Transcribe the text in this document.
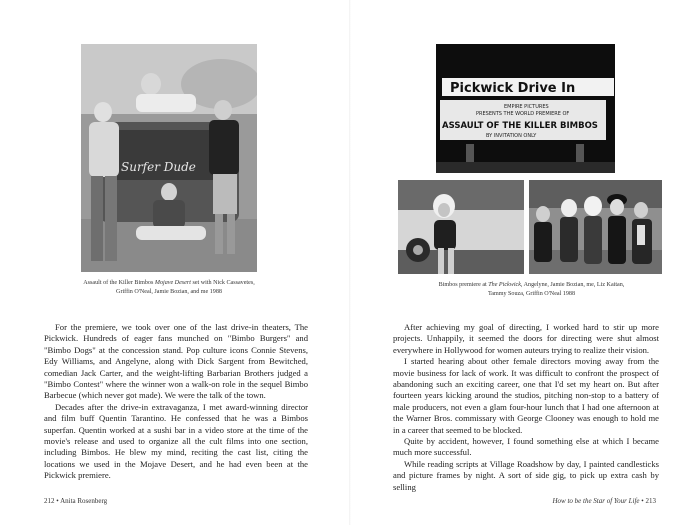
Surfer Dude
Assault of the Killer Bimbos Mojave Desert set with Nick Cassavetes, Griffin O'Neal, Jamie Bozian, and me 1988

For the premiere, we took over one of the last drive-in theaters, The Pickwick. Hundreds of eager fans munched on "Bimbo Burgers" and "Bimbo Dogs" at the concession stand. Pop culture icons Connie Stevens, Edy Williams, and Angelyne, along with Dick Sargent from Bewitched, comedian Jack Carter, and the weight-lifting Barbarian Brothers judged a "Bimbo Contest" where the winner won a walk-on role in the sequel Bimbo Barbecue (which never got made). We were the talk of the town.

Decades after the drive-in extravaganza, I met award-winning director and film buff Quentin Tarantino. He confessed that he was a Bimbos superfan. Quentin worked at a sushi bar in a video store at the time of the movie's release and used to organize all the cult films into one section, including Bimbos. He blew my mind, reciting the cast list, citing the locations we used in the Mojave Desert, and he had even been at the Pickwick premiere.

212 • Anita Rosenberg
Pickwick Drive In
EMPIRE PICTURES
PRESENTS THE WORLD PREMIERE OF
ASSAULT OF THE KILLER BIMBOS
BY INVITATION ONLY
Bimbos premiere at The Pickwick, Angelyne, Jamie Bozian, me, Liz Kaitan, Tammy Souza, Griffin O'Neal 1988

After achieving my goal of directing, I worked hard to stir up more projects. Unhappily, it seemed the doors for directing were shut almost everywhere in Hollywood for women auteurs trying to realize their vision.

I started hearing about other female directors moving away from the movie business for lack of work. It was difficult to confront the prospect of abandoning such an exciting career, one that I'd set my heart on. But after fourteen years kicking around the studios, pitching non-stop to a battery of male producers, not even a glam four-hour lunch that I had one afternoon at the Warner Bros. commissary with George Clooney was enough to hold me in a career that seemed to be blocked.

Quite by accident, however, I found something else at which I became much more successful.

While reading scripts at Village Roadshow by day, I painted candlesticks and picture frames by night. A sort of side gig, to pick up extra cash by selling

How to be the Star of Your Life • 213
